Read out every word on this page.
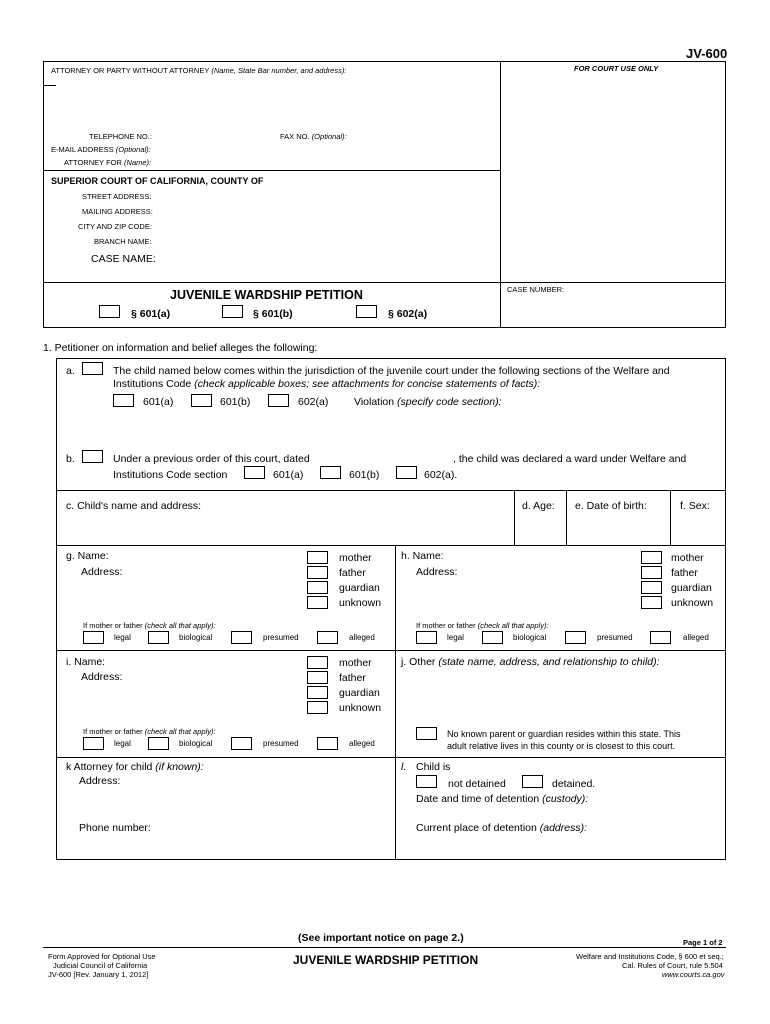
JV-600
ATTORNEY OR PARTY WITHOUT ATTORNEY (Name, State Bar number, and address):	FOR COURT USE ONLY
TELEPHONE NO.:	FAX NO. (Optional):
E-MAIL ADDRESS (Optional):
ATTORNEY FOR (Name):
SUPERIOR COURT OF CALIFORNIA, COUNTY OF
STREET ADDRESS:
MAILING ADDRESS:
CITY AND ZIP CODE:
BRANCH NAME:
CASE NAME:
JUVENILE WARDSHIP PETITION	CASE NUMBER:
§ 601(a)	§ 601(b)	§ 602(a)
1. Petitioner on information and belief alleges the following:
a.	The child named below comes within the jurisdiction of the juvenile court under the following sections of the Welfare and
Institutions Code (check applicable boxes; see attachments for concise statements of facts):
601(a)	601(b)	602(a) Violation (specify code section):
b.	Under a previous order of this court, dated	, the child was declared a ward under Welfare and
Institutions Code section	601(a)	601(b)	602(a).
c. Child's name and address:	d. Age: e. Date of birth:	f. Sex:
g. Name:
Address:
mother
father
guardian
unknown
If mother or father (check all that apply):
legal	biological	presumed	alleged
h. Name:
Address:
mother
father
guardian
unknown
If mother or father (check all that apply):
legal	biological	presumed	alleged
i. Name:
Address:
mother
father
guardian
unknown
If mother or father (check all that apply):
legal	biological	presumed	alleged
j. Other (state name, address, and relationship to child):
No known parent or guardian resides within this state. This
adult relative lives in this county or is closest to this court.
k Attorney for child (if known):
Address:
Phone number:
l. Child is
not detained	detained.
Date and time of detention (custody):
Current place of detention (address):
(See important notice on page 2.)	Page 1 of 2
Form Approved for Optional Use
Judicial Council of California
JV-600 [Rev. January 1, 2012]
JUVENILE WARDSHIP PETITION	Welfare and Institutions Code, § 600 et seq.;
Cal. Rules of Court, rule 5.504
www.courts.ca.gov
